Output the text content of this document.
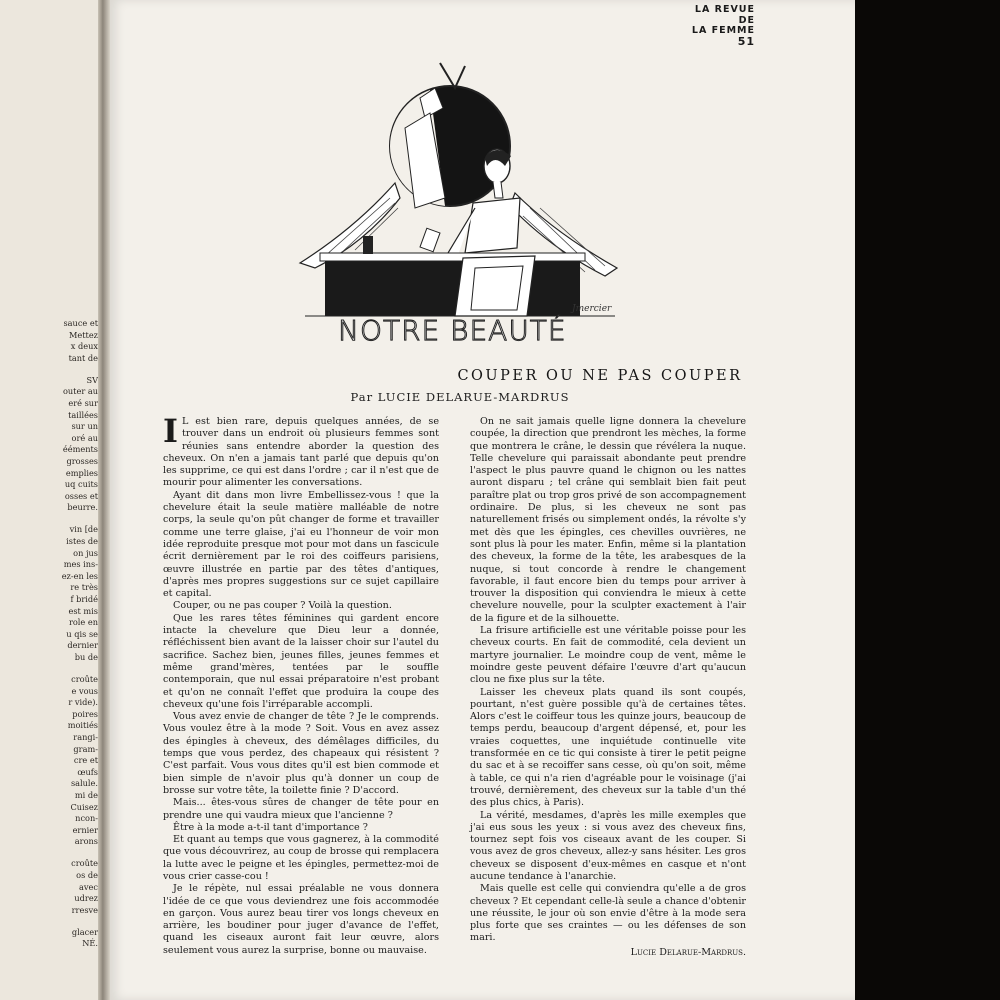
sauce et
Mettez
x deux
tant de
SV
outer au
eré sur
taillées
sur un
oré au
ééments
grosses
emplies
uq cuits
osses et
beurre.
vin [de
istes de
on jus
mes ins-
ez-en les
re très
f bridé
est mis
role en
u qis se
dernier
bu de
croûte
e vous
r vide).
poires
moitiés
rangi-
gram-
cre et
œufs
salule.
mi de
Cuisez
ncon-
ernier
arons
croûte
os de
avec
udrez
rresve
glacer
NÉ.
LA REVUE
DE
LA FEMME
51
Jmercier
NOTRE BEAUTÉ
COUPER OU NE PAS COUPER
Par LUCIE DELARUE-MARDRUS

I L est bien rare, depuis quelques années, de se trouver dans un endroit où plusieurs femmes sont réunies sans entendre aborder la question des cheveux. On n'en a jamais tant parlé que depuis qu'on les supprime, ce qui est dans l'ordre ; car il n'est que de mourir pour alimenter les conversations.

Ayant dit dans mon livre Embellissez-vous ! que la chevelure était la seule matière malléable de notre corps, la seule qu'on pût changer de forme et travailler comme une terre glaise, j'ai eu l'honneur de voir mon idée reproduite presque mot pour mot dans un fascicule écrit dernièrement par le roi des coiffeurs parisiens, œuvre illustrée en partie par des têtes d'antiques, d'après mes propres suggestions sur ce sujet capillaire et capital.

Couper, ou ne pas couper ? Voilà la question.

Que les rares têtes féminines qui gardent encore intacte la chevelure que Dieu leur a donnée, réfléchissent bien avant de la laisser choir sur l'autel du sacrifice. Sachez bien, jeunes filles, jeunes femmes et même grand'mères, tentées par le souffle contemporain, que nul essai préparatoire n'est probant et qu'on ne connaît l'effet que produira la coupe des cheveux qu'une fois l'irréparable accompli.

Vous avez envie de changer de tête ? Je le comprends. Vous voulez être à la mode ? Soit. Vous en avez assez des épingles à cheveux, des démêlages difficiles, du temps que vous perdez, des chapeaux qui résistent ? C'est parfait. Vous vous dites qu'il est bien commode et bien simple de n'avoir plus qu'à donner un coup de brosse sur votre tête, la toilette finie ? D'accord.

Mais... êtes-vous sûres de changer de tête pour en prendre une qui vaudra mieux que l'ancienne ?

Être à la mode a-t-il tant d'importance ?

Et quant au temps que vous gagnerez, à la commodité que vous découvrirez, au coup de brosse qui remplacera la lutte avec le peigne et les épingles, permettez-moi de vous crier casse-cou !

Je le répète, nul essai préalable ne vous donnera l'idée de ce que vous deviendrez une fois accommodée en garçon. Vous aurez beau tirer vos longs cheveux en arrière, les boudiner pour juger d'avance de l'effet, quand les ciseaux auront fait leur œuvre, alors seulement vous aurez la surprise, bonne ou mauvaise.

On ne sait jamais quelle ligne donnera la chevelure coupée, la direction que prendront les mèches, la forme que montrera le crâne, le dessin que révélera la nuque. Telle chevelure qui paraissait abondante peut prendre l'aspect le plus pauvre quand le chignon ou les nattes auront disparu ; tel crâne qui semblait bien fait peut paraître plat ou trop gros privé de son accompagnement ordinaire. De plus, si les cheveux ne sont pas naturellement frisés ou simplement ondés, la révolte s'y met dès que les épingles, ces chevilles ouvrières, ne sont plus là pour les mater. Enfin, même si la plantation des cheveux, la forme de la tête, les arabesques de la nuque, si tout concorde à rendre le changement favorable, il faut encore bien du temps pour arriver à trouver la disposition qui conviendra le mieux à cette chevelure nouvelle, pour la sculpter exactement à l'air de la figure et de la silhouette.

La frisure artificielle est une véritable poisse pour les cheveux courts. En fait de commodité, cela devient un martyre journalier. Le moindre coup de vent, même le moindre geste peuvent défaire l'œuvre d'art qu'aucun clou ne fixe plus sur la tête.

Laisser les cheveux plats quand ils sont coupés, pourtant, n'est guère possible qu'à de certaines têtes. Alors c'est le coiffeur tous les quinze jours, beaucoup de temps perdu, beaucoup d'argent dépensé, et, pour les vraies coquettes, une inquiétude continuelle vite transformée en ce tic qui consiste à tirer le petit peigne du sac et à se recoiffer sans cesse, où qu'on soit, même à table, ce qui n'a rien d'agréable pour le voisinage (j'ai trouvé, dernièrement, des cheveux sur la table d'un thé des plus chics, à Paris).

La vérité, mesdames, d'après les mille exemples que j'ai eus sous les yeux : si vous avez des cheveux fins, tournez sept fois vos ciseaux avant de les couper. Si vous avez de gros cheveux, allez-y sans hésiter. Les gros cheveux se disposent d'eux-mêmes en casque et n'ont aucune tendance à l'anarchie.

Mais quelle est celle qui conviendra qu'elle a de gros cheveux ? Et cependant celle-là seule a chance d'obtenir une réussite, le jour où son envie d'être à la mode sera plus forte que ses craintes — ou les défenses de son mari.

Lucie Delarue-Mardrus.
